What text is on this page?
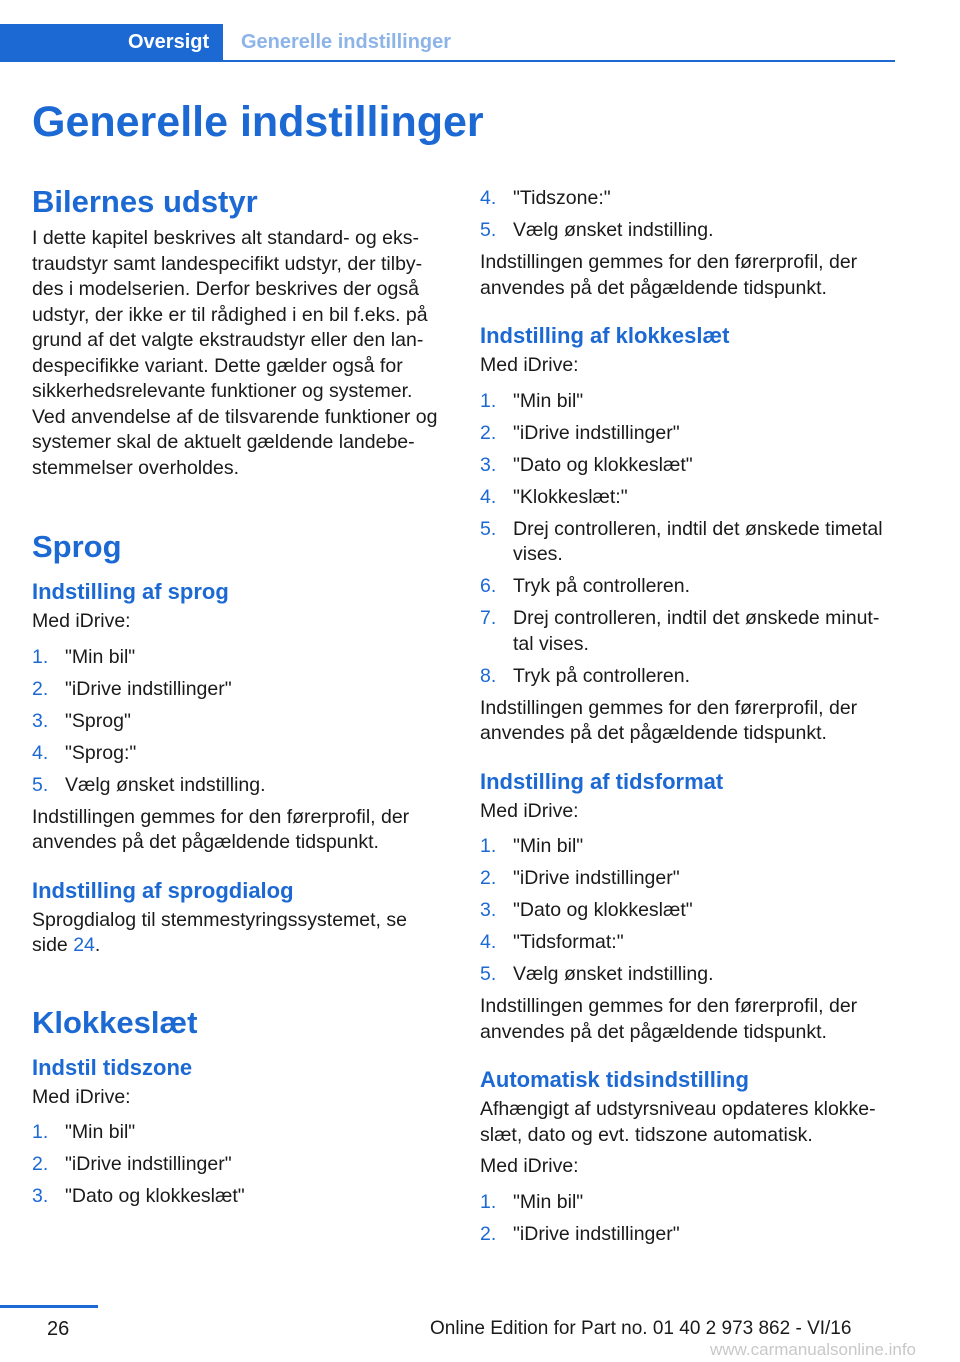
Oversigt	Generelle indstillinger
Generelle indstillinger
Bilernes udstyr
I dette kapitel beskrives alt standard- og ekstraudstyr samt landespecifikt udstyr, der tilby des i modelserien. Derfor beskrives der også udstyr, der ikke er til rådighed i en bil f.eks. på grund af det valgte ekstraudstyr eller den lan despecifikke variant. Dette gælder også for sikkerhedsrelevante funktioner og systemer. Ved anvendelse af de tilsvarende funktioner og systemer skal de aktuelt gældende landebe stemmelser overholdes.
Sprog
Indstilling af sprog
Med iDrive:
1. "Min bil"
2. "iDrive indstillinger"
3. "Sprog"
4. "Sprog:"
5. Vælg ønsket indstilling.
Indstillingen gemmes for den førerprofil, der anvendes på det pågældende tidspunkt.
Indstilling af sprogdialog
Sprogdialog til stemmestyringssystemet, se side 24.
Klokkeslæt
Indstil tidszone
Med iDrive:
1. "Min bil"
2. "iDrive indstillinger"
3. "Dato og klokkeslæt"
4. "Tidszone:"
5. Vælg ønsket indstilling.
Indstillingen gemmes for den førerprofil, der anvendes på det pågældende tidspunkt.
Indstilling af klokkeslæt
Med iDrive:
1. "Min bil"
2. "iDrive indstillinger"
3. "Dato og klokkeslæt"
4. "Klokkeslæt:"
5. Drej controlleren, indtil det ønskede timetal vises.
6. Tryk på controlleren.
7. Drej controlleren, indtil det ønskede minut tal vises.
8. Tryk på controlleren.
Indstillingen gemmes for den førerprofil, der anvendes på det pågældende tidspunkt.
Indstilling af tidsformat
Med iDrive:
1. "Min bil"
2. "iDrive indstillinger"
3. "Dato og klokkeslæt"
4. "Tidsformat:"
5. Vælg ønsket indstilling.
Indstillingen gemmes for den førerprofil, der anvendes på det pågældende tidspunkt.
Automatisk tidsindstilling
Afhængigt af udstyrsniveau opdateres klokke slæt, dato og evt. tidszone automatisk.
Med iDrive:
1. "Min bil"
2. "iDrive indstillinger"
26	Online Edition for Part no. 01 40 2 973 862 - VI/16
www.carmanualsonline.info
